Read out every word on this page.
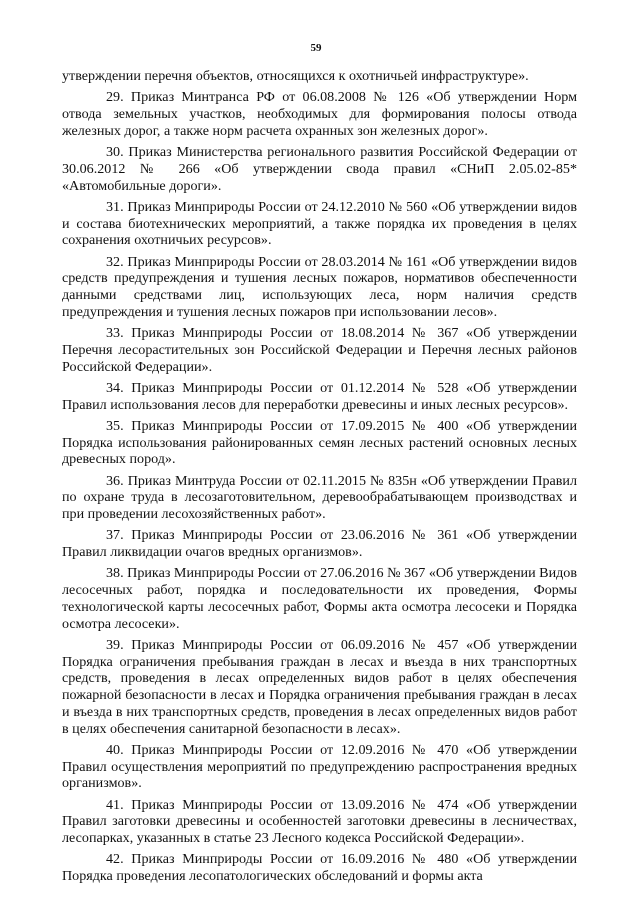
59

утверждении перечня объектов, относящихся к охотничьей инфраструктуре».

29. Приказ Минтранса РФ от 06.08.2008 № 126 «Об утверждении Норм отвода земельных участков, необходимых для формирования полосы отвода железных дорог, а также норм расчета охранных зон железных дорог».

30. Приказ Министерства регионального развития Российской Федерации от 30.06.2012 № 266 «Об утверждении свода правил «СНиП 2.05.02-85* «Автомобильные дороги».

31. Приказ Минприроды России от 24.12.2010 № 560 «Об утверждении видов и состава биотехнических мероприятий, а также порядка их проведения в целях сохранения охотничьих ресурсов».

32. Приказ Минприроды России от 28.03.2014 № 161 «Об утверждении видов средств предупреждения и тушения лесных пожаров, нормативов обеспеченности данными средствами лиц, использующих леса, норм наличия средств предупреждения и тушения лесных пожаров при использовании лесов».

33. Приказ Минприроды России от 18.08.2014 № 367 «Об утверждении Перечня лесорастительных зон Российской Федерации и Перечня лесных районов Российской Федерации».

34. Приказ Минприроды России от 01.12.2014 № 528 «Об утверждении Правил использования лесов для переработки древесины и иных лесных ресурсов».

35. Приказ Минприроды России от 17.09.2015 № 400 «Об утверждении Порядка использования районированных семян лесных растений основных лесных древесных пород».

36. Приказ Минтруда России от 02.11.2015 № 835н «Об утверждении Правил по охране труда в лесозаготовительном, деревообрабатывающем производствах и при проведении лесохозяйственных работ».

37. Приказ Минприроды России от 23.06.2016 № 361 «Об утверждении Правил ликвидации очагов вредных организмов».

38. Приказ Минприроды России от 27.06.2016 № 367 «Об утверждении Видов лесосечных работ, порядка и последовательности их проведения, Формы технологической карты лесосечных работ, Формы акта осмотра лесосеки и Порядка осмотра лесосеки».

39. Приказ Минприроды России от 06.09.2016 № 457 «Об утверждении Порядка ограничения пребывания граждан в лесах и въезда в них транспортных средств, проведения в лесах определенных видов работ в целях обеспечения пожарной безопасности в лесах и Порядка ограничения пребывания граждан в лесах и въезда в них транспортных средств, проведения в лесах определенных видов работ в целях обеспечения санитарной безопасности в лесах».

40. Приказ Минприроды России от 12.09.2016 № 470 «Об утверждении Правил осуществления мероприятий по предупреждению распространения вредных организмов».

41. Приказ Минприроды России от 13.09.2016 № 474 «Об утверждении Правил заготовки древесины и особенностей заготовки древесины в лесничествах, лесопарках, указанных в статье 23 Лесного кодекса Российской Федерации».

42. Приказ Минприроды России от 16.09.2016 № 480 «Об утверждении Порядка проведения лесопатологических обследований и формы акта
